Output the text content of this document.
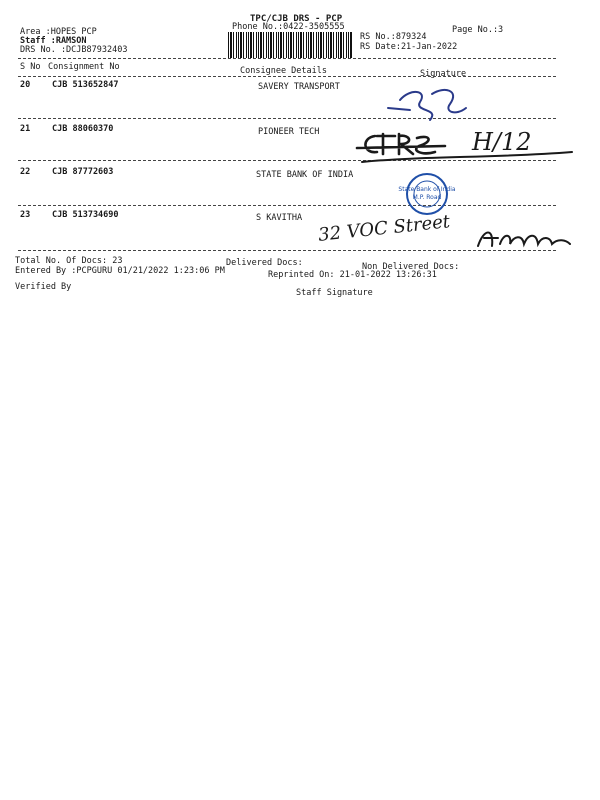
TPC/CJB DRS - PCP
Phone No.:0422-3505555	Page No.:3
Area :HOPES PCP
Staff :RAMSON
DRS No. :DCJB87932403
RS No.:879324
RS Date:21-Jan-2022
S No Consignment No	Consignee Details	Signature
20	CJB 513652847	SAVERY TRANSPORT
21	CJB 88060370	PIONEER TECH
22	CJB 87772603	STATE BANK OF INDIA
23	CJB 513734690	S KAVITHA
H/12
State Bank of India
M.P. Road
32 VOC Street
Total No. Of Docs: 23	Delivered Docs:	Non Delivered Docs:
Entered By :PCPGURU 01/21/2022 1:23:06 PM	Reprinted On: 21-01-2022 13:26:31
Verified By
Staff Signature
